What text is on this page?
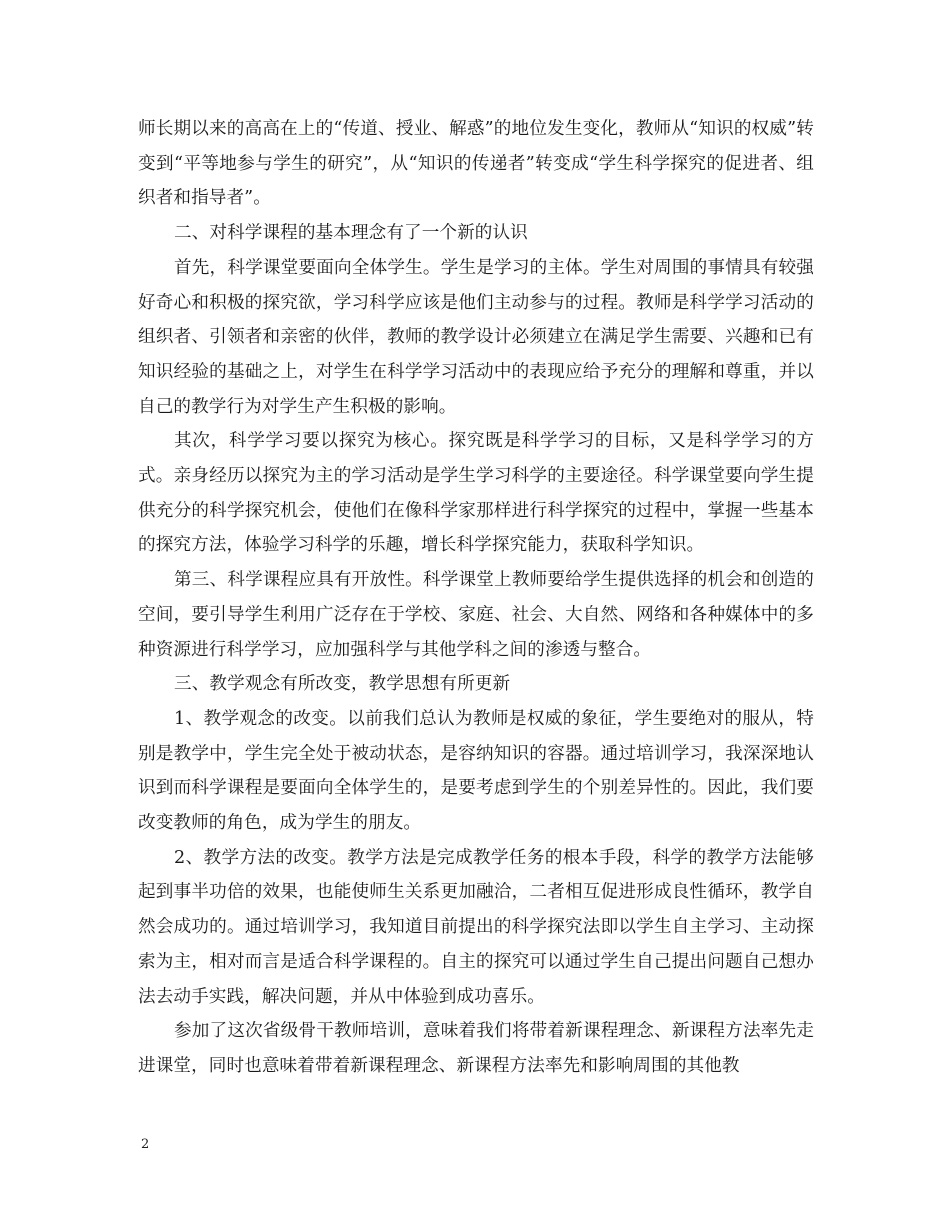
师长期以来的高高在上的“传道、授业、解惑”的地位发生变化，教师从“知识的权威”转变到“平等地参与学生的研究”，从“知识的传递者”转变成“学生科学探究的促进者、组织者和指导者”。

二、对科学课程的基本理念有了一个新的认识

首先，科学课堂要面向全体学生。学生是学习的主体。学生对周围的事情具有较强好奇心和积极的探究欲，学习科学应该是他们主动参与的过程。教师是科学学习活动的组织者、引领者和亲密的伙伴，教师的教学设计必须建立在满足学生需要、兴趣和已有知识经验的基础之上，对学生在科学学习活动中的表现应给予充分的理解和尊重，并以自己的教学行为对学生产生积极的影响。

其次，科学学习要以探究为核心。探究既是科学学习的目标，又是科学学习的方式。亲身经历以探究为主的学习活动是学生学习科学的主要途径。科学课堂要向学生提供充分的科学探究机会，使他们在像科学家那样进行科学探究的过程中，掌握一些基本的探究方法，体验学习科学的乐趣，增长科学探究能力，获取科学知识。

第三、科学课程应具有开放性。科学课堂上教师要给学生提供选择的机会和创造的空间，要引导学生利用广泛存在于学校、家庭、社会、大自然、网络和各种媒体中的多种资源进行科学学习，应加强科学与其他学科之间的渗透与整合。

三、教学观念有所改变，教学思想有所更新

1、教学观念的改变。以前我们总认为教师是权威的象征，学生要绝对的服从，特别是教学中，学生完全处于被动状态，是容纳知识的容器。通过培训学习，我深深地认识到而科学课程是要面向全体学生的，是要考虑到学生的个别差异性的。因此，我们要改变教师的角色，成为学生的朋友。

2、教学方法的改变。教学方法是完成教学任务的根本手段，科学的教学方法能够起到事半功倍的效果，也能使师生关系更加融洽，二者相互促进形成良性循环，教学自然会成功的。通过培训学习，我知道目前提出的科学探究法即以学生自主学习、主动探索为主，相对而言是适合科学课程的。自主的探究可以通过学生自己提出问题自己想办法去动手实践，解决问题，并从中体验到成功喜乐。

参加了这次省级骨干教师培训，意味着我们将带着新课程理念、新课程方法率先走进课堂，同时也意味着带着新课程理念、新课程方法率先和影响周围的其他教

2
